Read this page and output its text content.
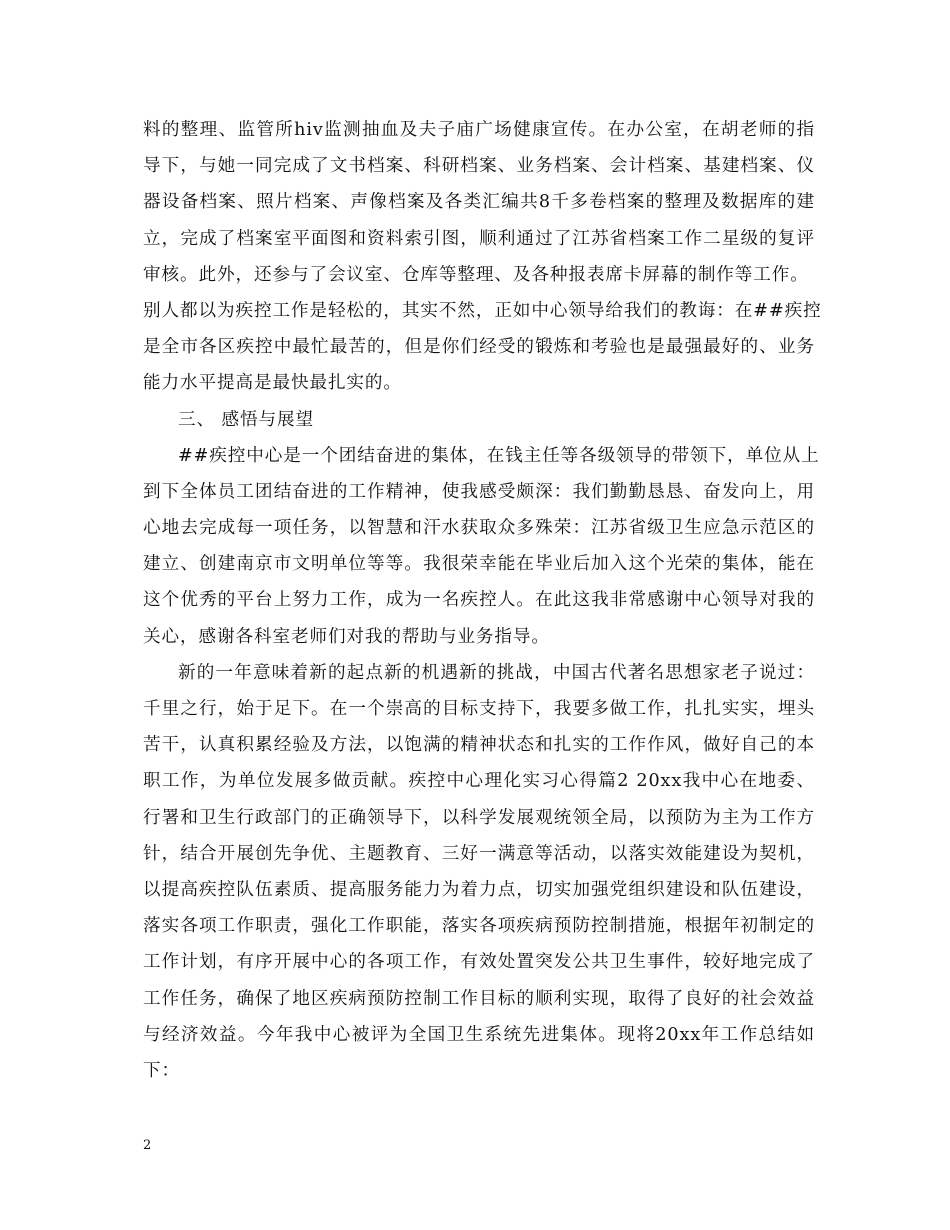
料的整理、监管所hiv监测抽血及夫子庙广场健康宣传。在办公室，在胡老师的指
导下，与她一同完成了文书档案、科研档案、业务档案、会计档案、基建档案、仪
器设备档案、照片档案、声像档案及各类汇编共8千多卷档案的整理及数据库的建
立，完成了档案室平面图和资料索引图，顺利通过了江苏省档案工作二星级的复评
审核。此外，还参与了会议室、仓库等整理、及各种报表席卡屏幕的制作等工作。
别人都以为疾控工作是轻松的，其实不然，正如中心领导给我们的教诲：在##疾控
是全市各区疾控中最忙最苦的，但是你们经受的锻炼和考验也是最强最好的、业务
能力水平提高是最快最扎实的。
三、 感悟与展望
##疾控中心是一个团结奋进的集体，在钱主任等各级领导的带领下，单位从上
到下全体员工团结奋进的工作精神，使我感受颇深：我们勤勤恳恳、奋发向上，用
心地去完成每一项任务，以智慧和汗水获取众多殊荣：江苏省级卫生应急示范区的
建立、创建南京市文明单位等等。我很荣幸能在毕业后加入这个光荣的集体，能在
这个优秀的平台上努力工作，成为一名疾控人。在此这我非常感谢中心领导对我的
关心，感谢各科室老师们对我的帮助与业务指导。
新的一年意味着新的起点新的机遇新的挑战，中国古代著名思想家老子说过：
千里之行，始于足下。在一个崇高的目标支持下，我要多做工作，扎扎实实，埋头
苦干，认真积累经验及方法，以饱满的精神状态和扎实的工作作风，做好自己的本
职工作，为单位发展多做贡献。疾控中心理化实习心得篇2 20xx我中心在地委、
行署和卫生行政部门的正确领导下，以科学发展观统领全局，以预防为主为工作方
针，结合开展创先争优、主题教育、三好一满意等活动，以落实效能建设为契机，
以提高疾控队伍素质、提高服务能力为着力点，切实加强党组织建设和队伍建设，
落实各项工作职责，强化工作职能，落实各项疾病预防控制措施，根据年初制定的
工作计划，有序开展中心的各项工作，有效处置突发公共卫生事件，较好地完成了
工作任务，确保了地区疾病预防控制工作目标的顺利实现，取得了良好的社会效益
与经济效益。今年我中心被评为全国卫生系统先进集体。现将20xx年工作总结如
下：
2
